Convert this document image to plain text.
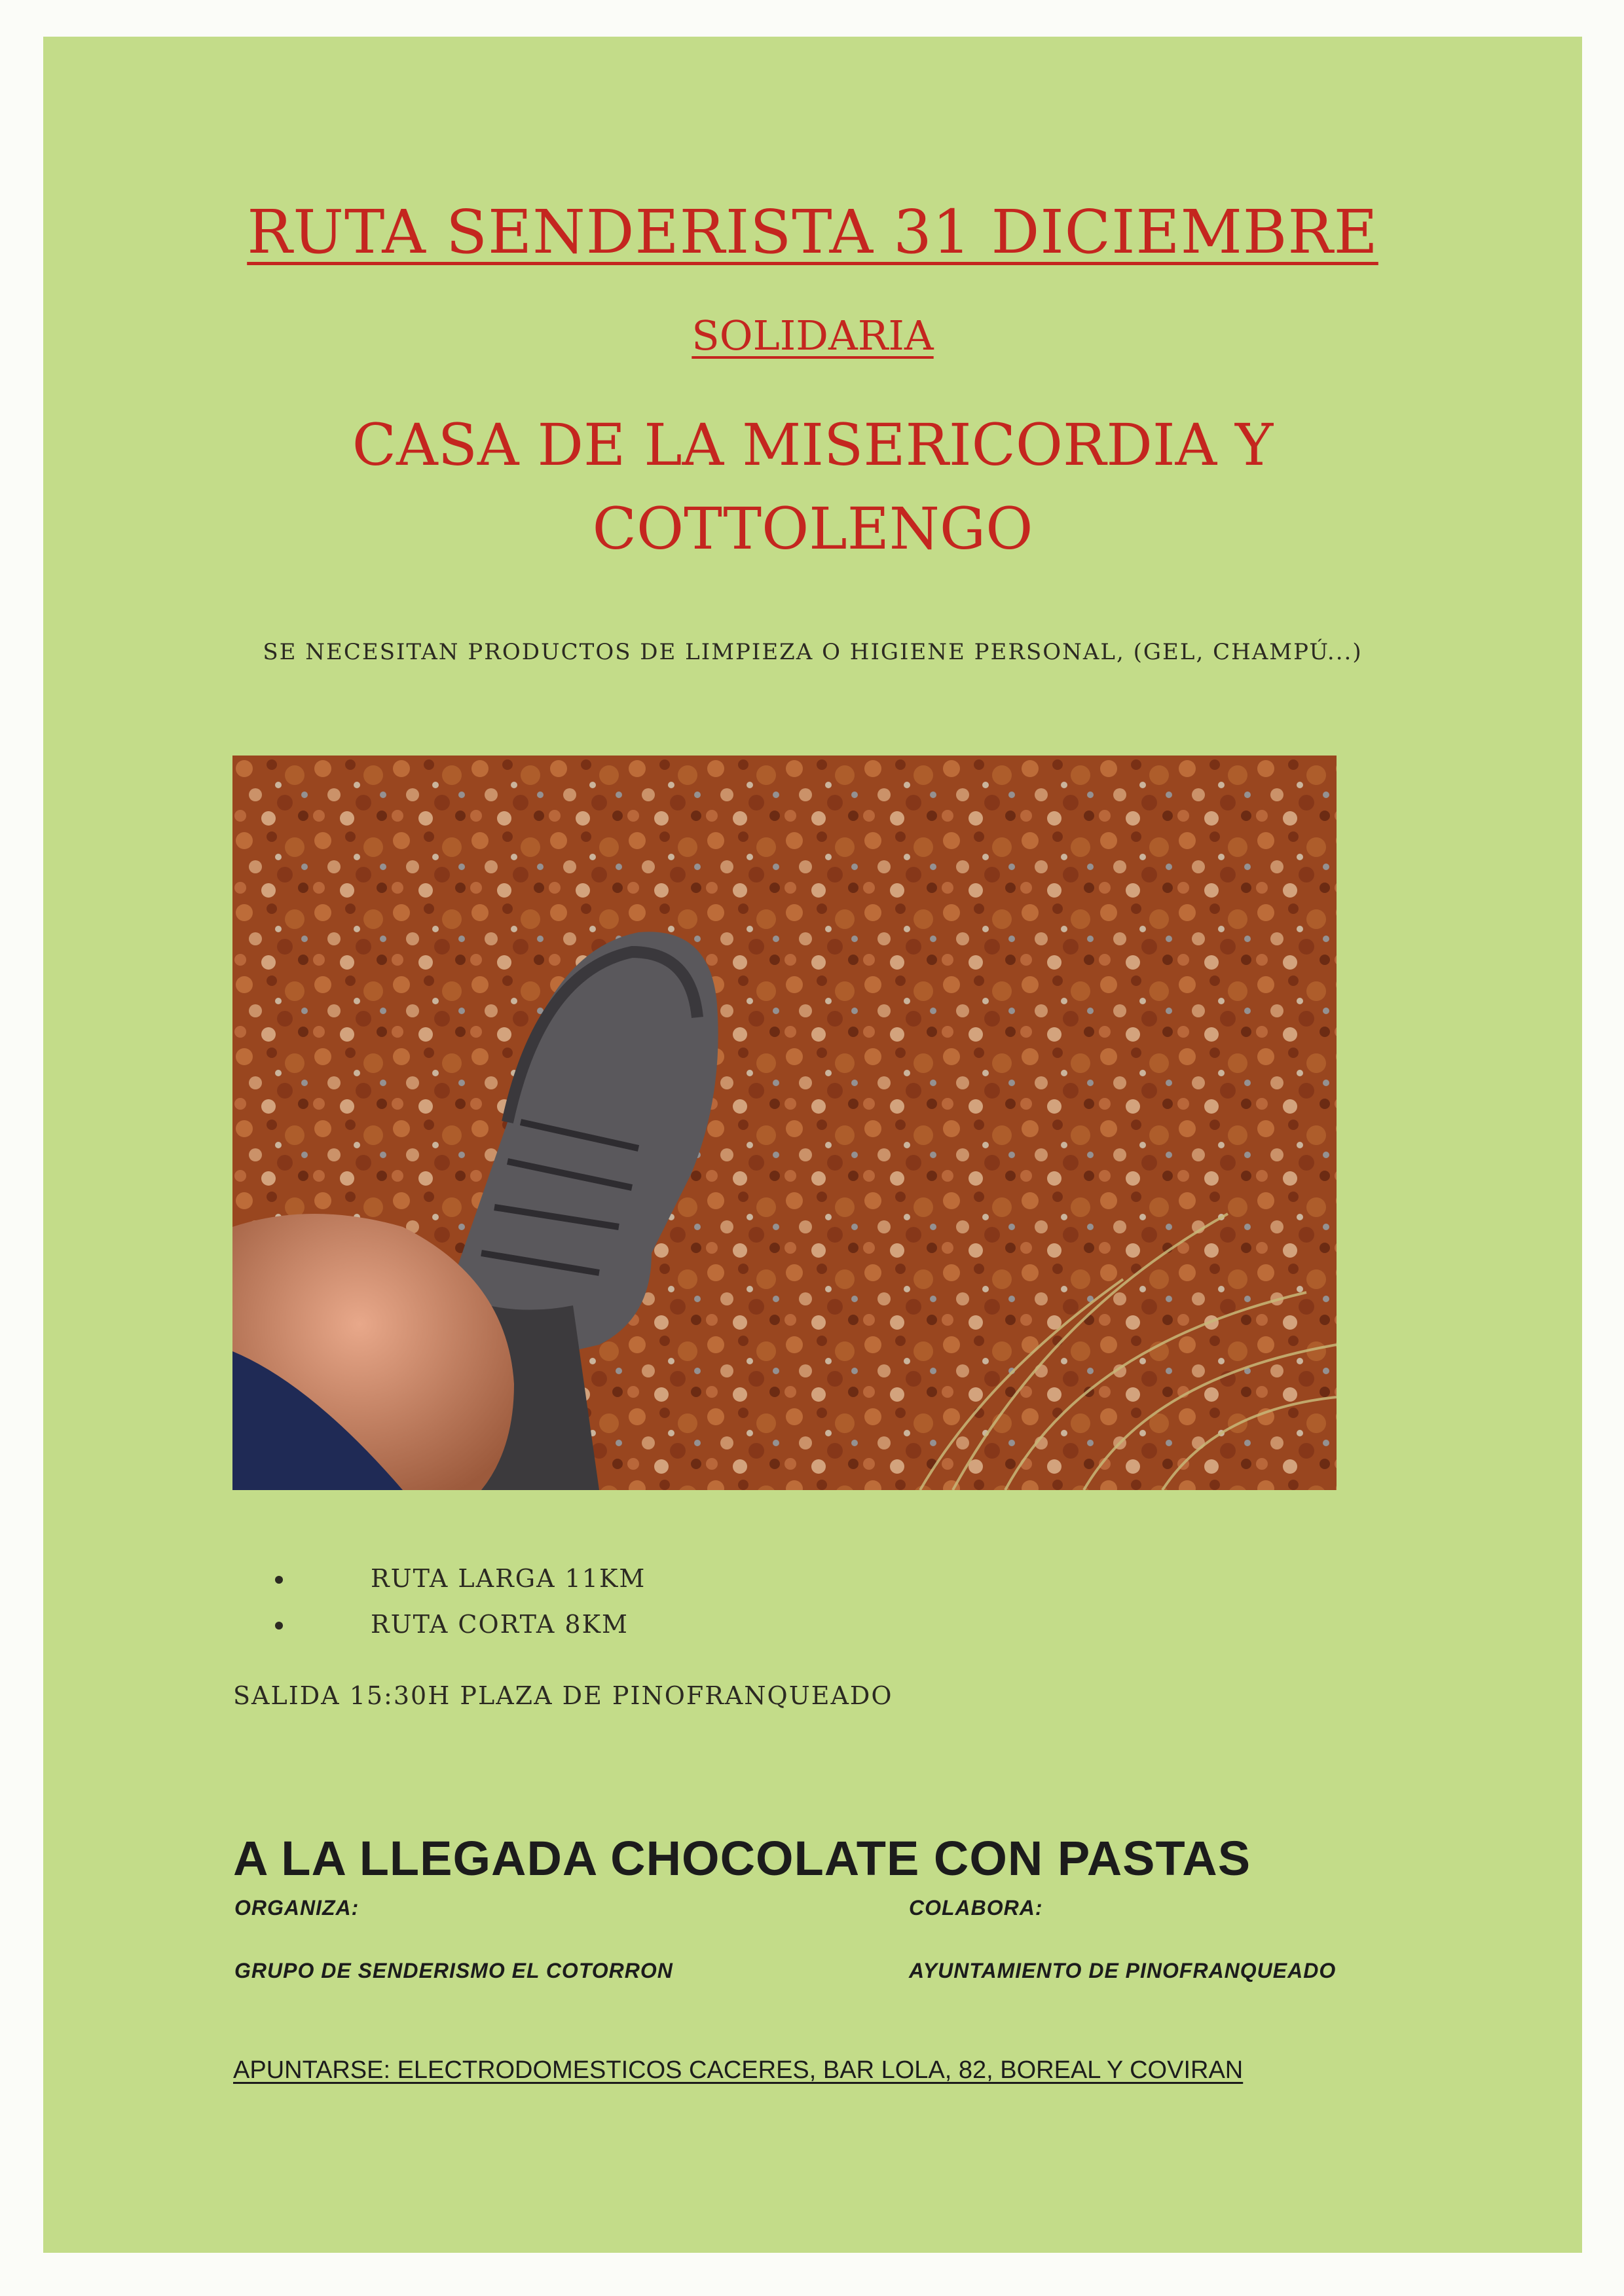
RUTA SENDERISTA 31 DICIEMBRE
SOLIDARIA
CASA DE LA MISERICORDIA Y
COTTOLENGO
SE NECESITAN PRODUCTOS DE LIMPIEZA O HIGIENE PERSONAL, (GEL, CHAMPÚ...)
RUTA LARGA 11KM
RUTA CORTA 8KM
SALIDA 15:30H PLAZA DE PINOFRANQUEADO
A LA LLEGADA CHOCOLATE CON PASTAS
ORGANIZA:	COLABORA:
GRUPO DE SENDERISMO EL COTORRON	AYUNTAMIENTO DE PINOFRANQUEADO
APUNTARSE: ELECTRODOMESTICOS CACERES, BAR LOLA, 82, BOREAL Y COVIRAN
